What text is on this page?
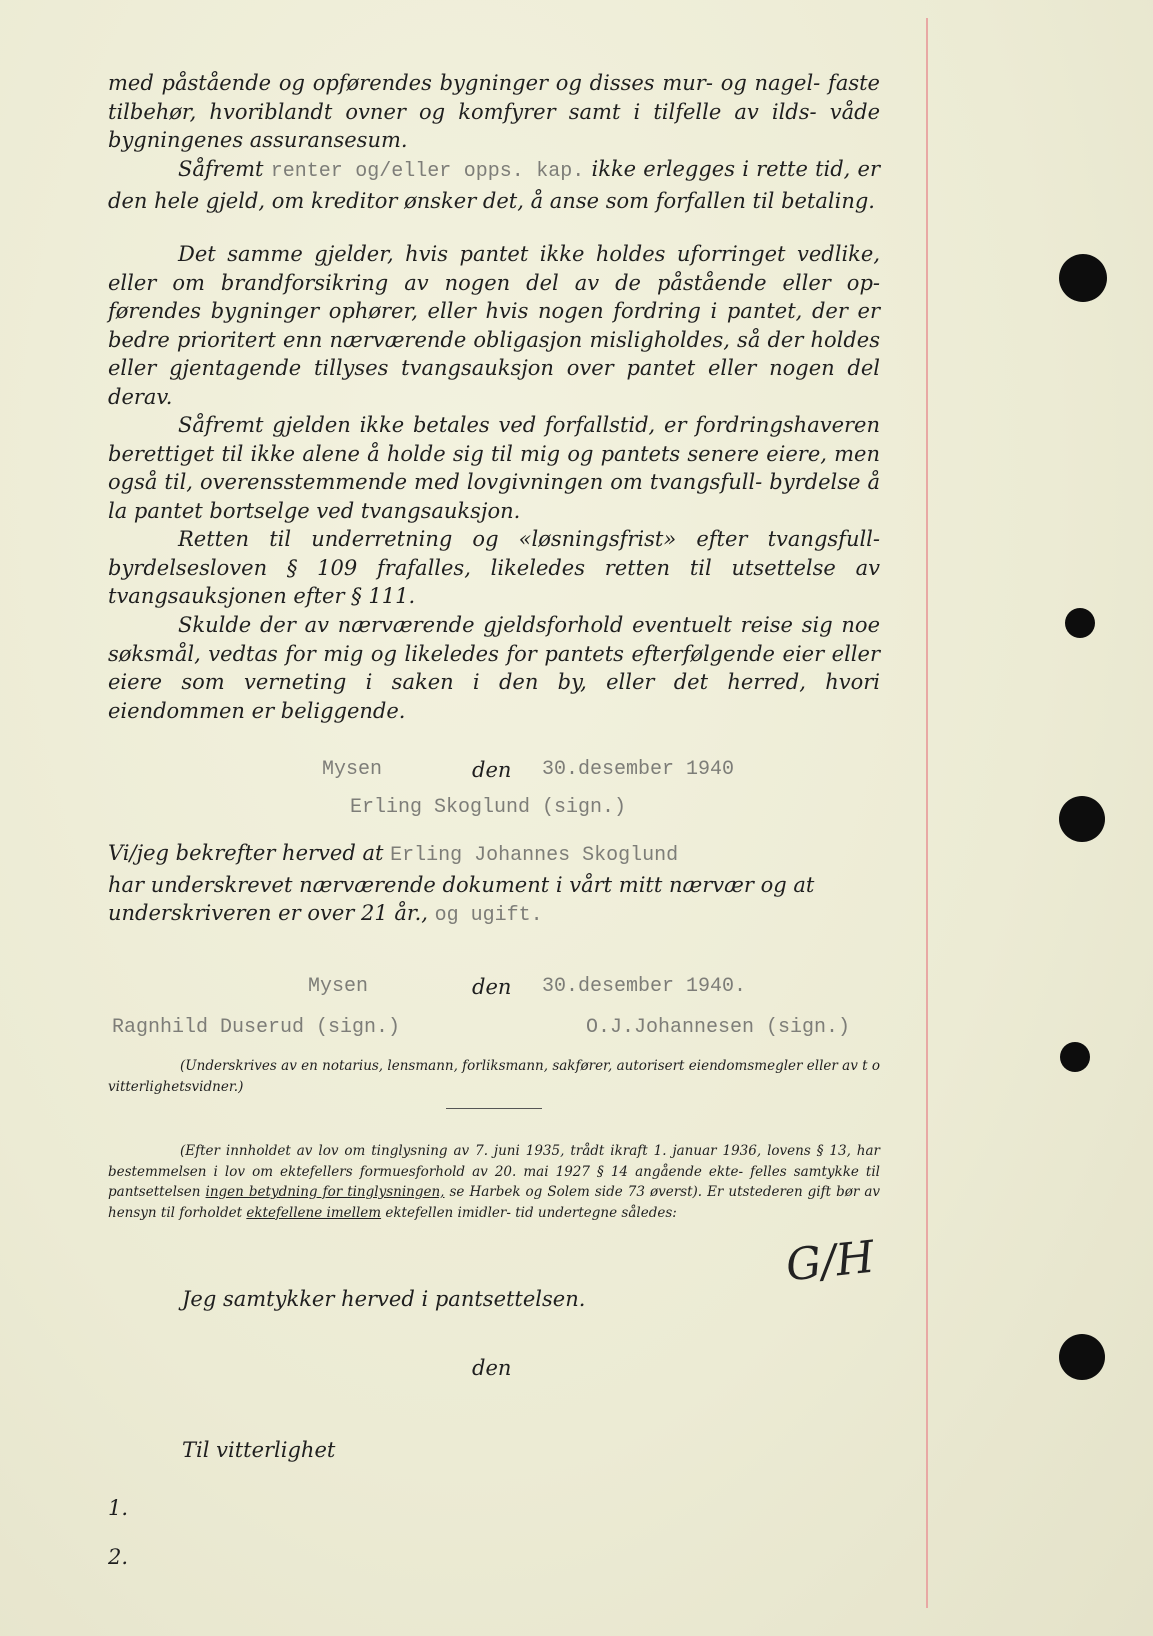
med påstående og opførendes bygninger og disses mur- og nagel- faste tilbehør, hvoriblandt ovner og komfyrer samt i tilfelle av ilds- våde bygningenes assuransesum.

Såfremt renter og/eller opps. kap. ikke erlegges i rette tid, er den hele gjeld, om kreditor ønsker det, å anse som forfallen til betaling.

Det samme gjelder, hvis pantet ikke holdes uforringet vedlike, eller om brandforsikring av nogen del av de påstående eller op- førendes bygninger ophører, eller hvis nogen fordring i pantet, der er bedre prioritert enn nærværende obligasjon misligholdes, så der holdes eller gjentagende tillyses tvangsauksjon over pantet eller nogen del derav.

Såfremt gjelden ikke betales ved forfallstid, er fordringshaveren berettiget til ikke alene å holde sig til mig og pantets senere eiere, men også til, overensstemmende med lovgivningen om tvangsfull- byrdelse å la pantet bortselge ved tvangsauksjon.

Retten til underretning og «løsningsfrist» efter tvangsfull- byrdelsesloven § 109 frafalles, likeledes retten til utsettelse av tvangsauksjonen efter § 111.

Skulde der av nærværende gjeldsforhold eventuelt reise sig noe søksmål, vedtas for mig og likeledes for pantets efterfølgende eier eller eiere som verneting i saken i den by, eller det herred, hvori eiendommen er beliggende.

Mysen	den 30.desember 1940
Erling Skoglund (sign.)

Vi/jeg bekrefter herved at Erling Johannes Skoglund
har underskrevet nærværende dokument i vårt mitt nærvær og at
underskriveren er over 21 år., og ugift.

Mysen	den 30.desember 1940.
Ragnhild Duserud (sign.)	O.J.Johannesen (sign.)

(Underskrives av en notarius, lensmann, forliksmann, sakfører, autorisert eiendomsmegler eller av t o vitterlighetsvidner.)

(Efter innholdet av lov om tinglysning av 7. juni 1935, trådt ikraft 1. januar 1936, lovens § 13, har bestemmelsen i lov om ektefellers formuesforhold av 20. mai 1927 § 14 angående ekte- felles samtykke til pantsettelsen ingen betydning for tinglysningen, se Harbek og Solem side 73 øverst). Er utstederen gift bør av hensyn til forholdet ektefellene imellem ektefellen imidler- tid undertegne således:

G/H
Jeg samtykker herved i pantsettelsen.
den
Til vitterlighet
1.
2.
